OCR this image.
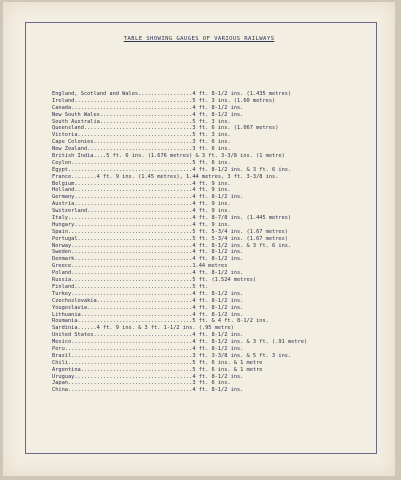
TABLE SHOWING GAUGES OF VARIOUS RAILWAYS
England, Scotland and Wales.................4 ft. 8-1/2 ins. (1.435 metres)
Ireland.....................................5 ft. 3 ins. (1.60 metres)
Canada......................................4 ft. 8-1/2 ins.
New South Wales.............................4 ft. 8-1/2 ins.
South Australia.............................5 ft. 3 ins.
Queensland..................................3 ft. 6 ins. (1.067 metres)
Victoria....................................5 ft. 3 ins.
Cape Colonies...............................3 ft. 6 ins.
New Zealand.................................3 ft. 6 ins.
British India....5 ft. 6 ins. (1.676 metres) & 3 ft. 3-3/8 ins. (1 metre)
Ceylon......................................5 ft. 6 ins.
Egypt.......................................4 ft. 8-1/2 ins. & 3 ft. 6 ins.
France........4 ft. 9 ins. (1.45 metres), 1.44 metres, 3 ft. 3-3/8 ins.
Belgium.....................................4 ft. 9 ins.
Holland.....................................4 ft. 9 ins.
Germany.....................................4 ft. 8-1/2 ins.
Austria.....................................4 ft. 9 ins.
Switzerland.................................4 ft. 9 ins.
Italy.......................................4 ft. 8-7/8 ins. (1.445 metres)
Hungary.....................................4 ft. 9 ins.
Spain.......................................5 ft. 5-3/4 ins. (1.67 metres)
Portugal....................................5 ft. 5-3/4 ins. (1.67 metres)
Norway......................................4 ft. 8-1/2 ins. & 3 ft. 6 ins.
Sweden......................................4 ft. 8-1/2 ins.
Denmark.....................................4 ft. 8-1/2 ins.
Greece......................................1.44 metres
Poland......................................4 ft. 8-1/2 ins.
Russia......................................5 ft. (1.524 metres)
Finland.....................................5 ft.
Turkey......................................4 ft. 8-1/2 ins.
Czechoslovakia..............................4 ft. 8-1/2 ins.
Yougoslavia.................................4 ft. 8-1/2 ins.
Lithuania...................................4 ft. 8-1/2 ins.
Roumania....................................5 ft. & 4 ft. 8-1/2 ins.
Sardinia......4 ft. 9 ins. & 3 ft. 1-1/2 ins. (.95 metre)
United States...............................4 ft. 8-1/2 ins.
Mexico......................................4 ft. 8-1/2 ins. & 3 ft. (.91 metre)
Peru........................................4 ft. 8-1/2 ins.
Brazil......................................3 ft. 3-3/8 ins. & 5 ft. 3 ins.
Chili.......................................5 ft. 6 ins. & 1 metre
Argentina...................................5 ft. 6 ins. & 1 metre
Uruguay.....................................4 ft. 8-1/2 ins.
Japan.......................................3 ft. 6 ins.
China.......................................4 ft. 8-1/2 ins.
